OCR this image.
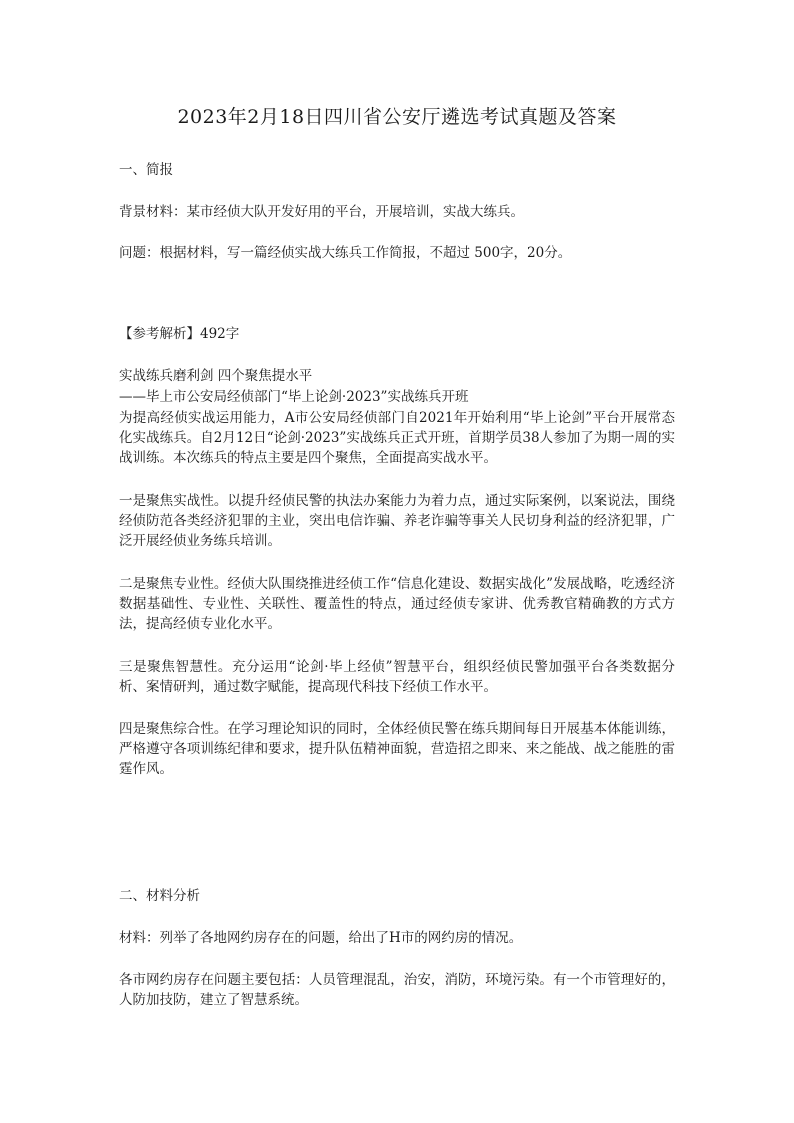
2023年2月18日四川省公安厅遴选考试真题及答案
一、简报
背景材料：某市经侦大队开发好用的平台，开展培训，实战大练兵。
问题：根据材料，写一篇经侦实战大练兵工作简报，不超过 500字，20分。
【参考解析】492字
实战练兵磨利剑 四个聚焦提水平
——毕上市公安局经侦部门“毕上论剑·2023”实战练兵开班
为提高经侦实战运用能力，A市公安局经侦部门自2021年开始利用“毕上论剑”平台开展常态化实战练兵。自2月12日“论剑·2023”实战练兵正式开班，首期学员38人参加了为期一周的实战训练。本次练兵的特点主要是四个聚焦，全面提高实战水平。
一是聚焦实战性。以提升经侦民警的执法办案能力为着力点，通过实际案例，以案说法，围绕经侦防范各类经济犯罪的主业，突出电信诈骗、养老诈骗等事关人民切身利益的经济犯罪，广泛开展经侦业务练兵培训。
二是聚焦专业性。经侦大队围绕推进经侦工作“信息化建设、数据实战化”发展战略，吃透经济数据基础性、专业性、关联性、覆盖性的特点，通过经侦专家讲、优秀教官精确教的方式方法，提高经侦专业化水平。
三是聚焦智慧性。充分运用“论剑·毕上经侦”智慧平台，组织经侦民警加强平台各类数据分析、案情研判，通过数字赋能，提高现代科技下经侦工作水平。
四是聚焦综合性。在学习理论知识的同时，全体经侦民警在练兵期间每日开展基本体能训练，严格遵守各项训练纪律和要求，提升队伍精神面貌，营造招之即来、来之能战、战之能胜的雷霆作风。
二、材料分析
材料：列举了各地网约房存在的问题，给出了H市的网约房的情况。
各市网约房存在问题主要包括：人员管理混乱，治安，消防，环境污染。有一个市管理好的，人防加技防，建立了智慧系统。
